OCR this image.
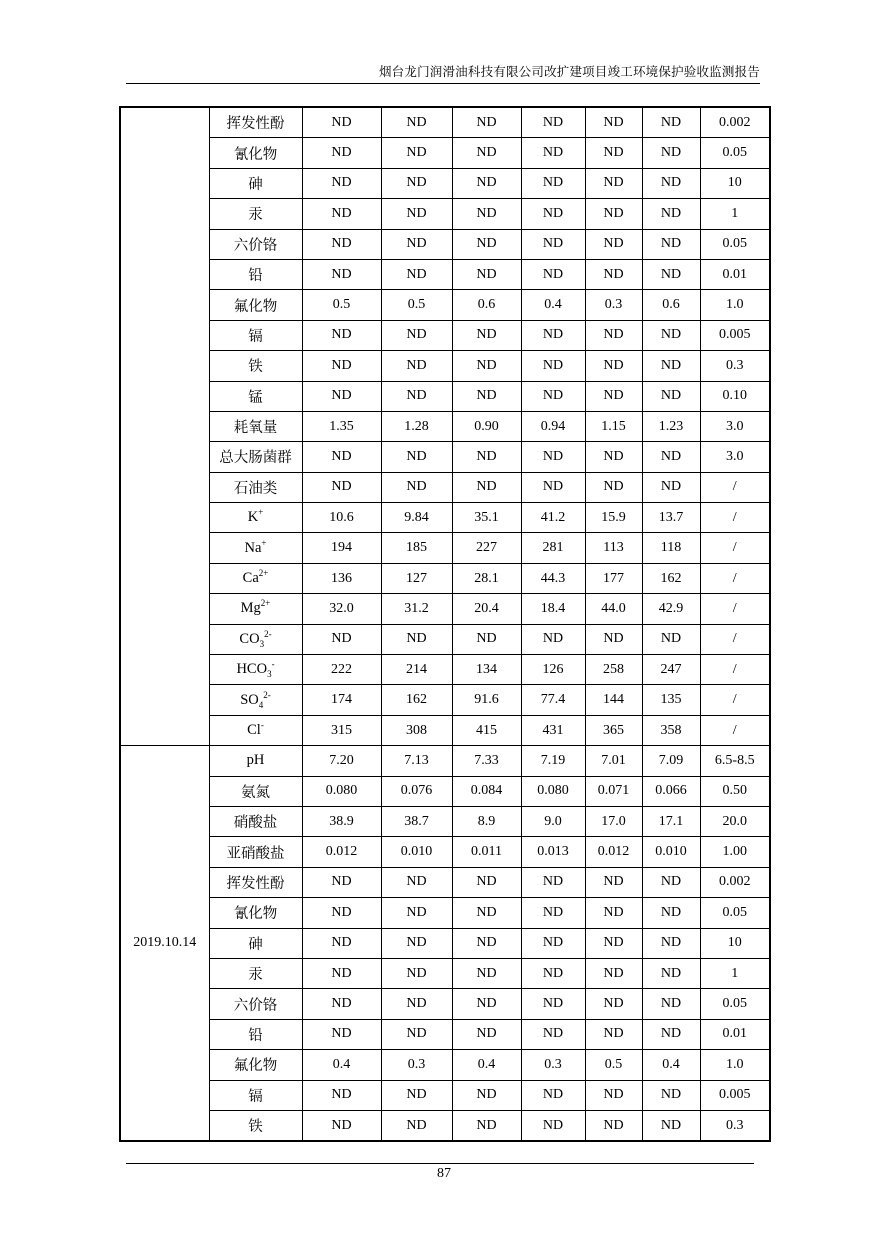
烟台龙门润滑油科技有限公司改扩建项目竣工环境保护验收监测报告
	挥发性酚	ND	ND	ND	ND	ND	ND	0.002
	氰化物	ND	ND	ND	ND	ND	ND	0.05
	砷	ND	ND	ND	ND	ND	ND	10
	汞	ND	ND	ND	ND	ND	ND	1
	六价铬	ND	ND	ND	ND	ND	ND	0.05
	铅	ND	ND	ND	ND	ND	ND	0.01
	氟化物	0.5	0.5	0.6	0.4	0.3	0.6	1.0
	镉	ND	ND	ND	ND	ND	ND	0.005
	铁	ND	ND	ND	ND	ND	ND	0.3
	锰	ND	ND	ND	ND	ND	ND	0.10
	耗氧量	1.35	1.28	0.90	0.94	1.15	1.23	3.0
	总大肠菌群	ND	ND	ND	ND	ND	ND	3.0
	石油类	ND	ND	ND	ND	ND	ND	/
	K+	10.6	9.84	35.1	41.2	15.9	13.7	/
	Na+	194	185	227	281	113	118	/
	$Ca^{2+}$	136	127	28.1	44.3	177	162	/
	$Mg^{2+}$	32.0	31.2	20.4	18.4	44.0	42.9	/
	$CO_3^{2-}$	ND	ND	ND	ND	ND	ND	/
	$HCO_3^-$	222	214	134	126	258	247	/
	$SO_4^{2-}$	174	162	91.6	77.4	144	135	/
	Cl-	315	308	415	431	365	358	/
2019.10.14	pH	7.20	7.13	7.33	7.19	7.01	7.09	6.5-8.5
	氨氮	0.080	0.076	0.084	0.080	0.071	0.066	0.50
	硝酸盐	38.9	38.7	8.9	9.0	17.0	17.1	20.0
	亚硝酸盐	0.012	0.010	0.011	0.013	0.012	0.010	1.00
	挥发性酚	ND	ND	ND	ND	ND	ND	0.002
	氰化物	ND	ND	ND	ND	ND	ND	0.05
	砷	ND	ND	ND	ND	ND	ND	10
	汞	ND	ND	ND	ND	ND	ND	1
	六价铬	ND	ND	ND	ND	ND	ND	0.05
	铅	ND	ND	ND	ND	ND	ND	0.01
	氟化物	0.4	0.3	0.4	0.3	0.5	0.4	1.0
	镉	ND	ND	ND	ND	ND	ND	0.005
	铁	ND	ND	ND	ND	ND	ND	0.3
87
